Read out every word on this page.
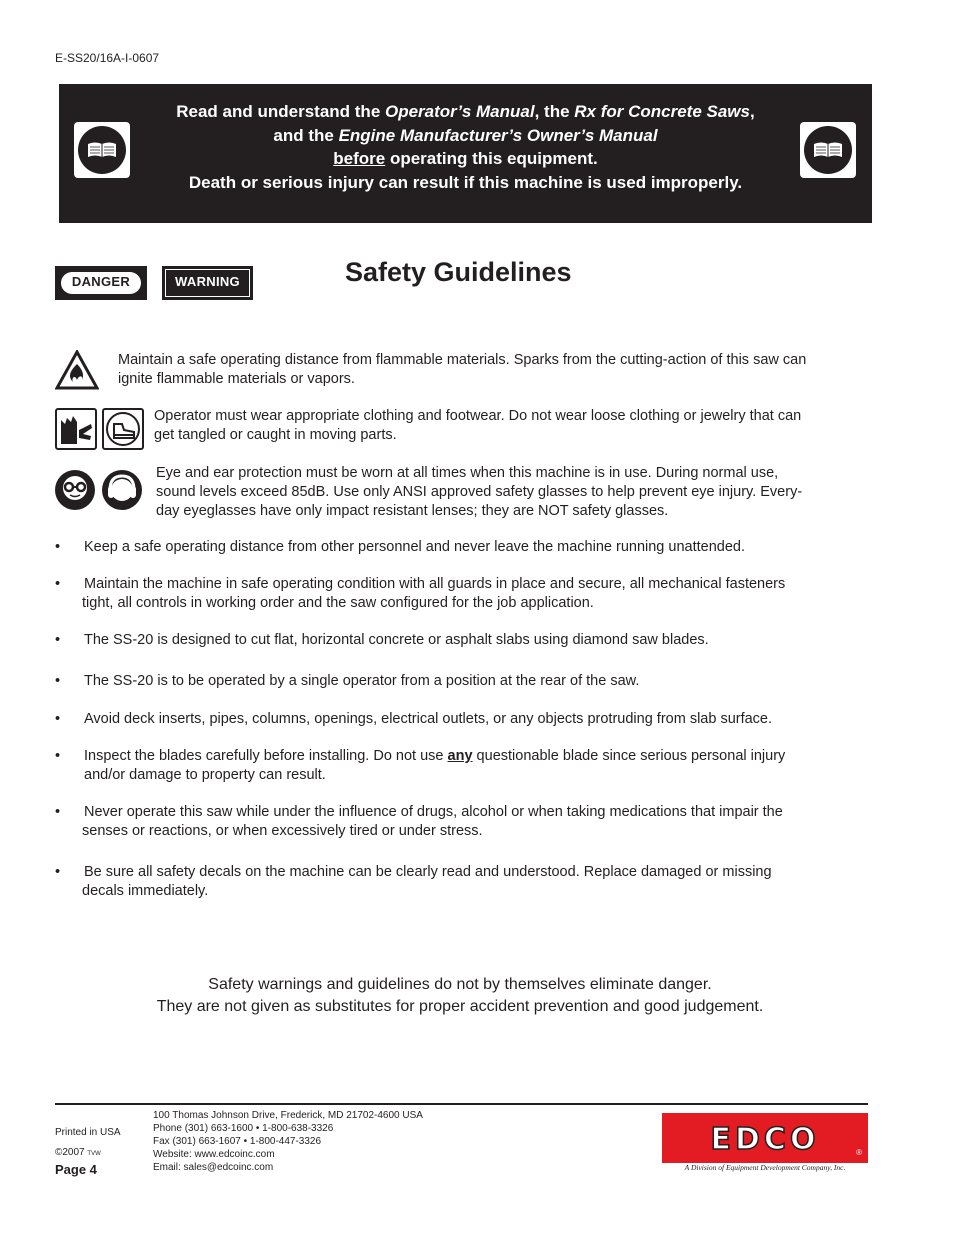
E-SS20/16A-I-0607
Read and understand the Operator’s Manual, the Rx for Concrete Saws,
and the Engine Manufacturer’s Owner’s Manual
before operating this equipment.
Death or serious injury can result if this machine is used improperly.
DANGER	WARNING	Safety Guidelines
Maintain a safe operating distance from flammable materials. Sparks from the cutting-action of this saw can
ignite flammable materials or vapors.
Operator must wear appropriate clothing and footwear. Do not wear loose clothing or jewelry that can
get tangled or caught in moving parts.
Eye and ear protection must be worn at all times when this machine is in use. During normal use,
sound levels exceed 85dB. Use only ANSI approved safety glasses to help prevent eye injury. Every-
day eyeglasses have only impact resistant lenses; they are NOT safety glasses.
•	Keep a safe operating distance from other personnel and never leave the machine running unattended.
•	Maintain the machine in safe operating condition with all guards in place and secure, all mechanical fasteners
tight, all controls in working order and the saw configured for the job application.
•	The SS-20 is designed to cut flat, horizontal concrete or asphalt slabs using diamond saw blades.
•	The SS-20 is to be operated by a single operator from a position at the rear of the saw.
•	Avoid deck inserts, pipes, columns, openings, electrical outlets, or any objects protruding from slab surface.
•	Inspect the blades carefully before installing. Do not use any questionable blade since serious personal injury
and/or damage to property can result.
•	Never operate this saw while under the influence of drugs, alcohol or when taking medications that impair the
senses or reactions, or when excessively tired or under stress.
•	Be sure all safety decals on the machine can be clearly read and understood. Replace damaged or missing
decals immediately.
Safety warnings and guidelines do not by themselves eliminate danger.
They are not given as substitutes for proper accident prevention and good judgement.
Printed in USA
©2007 TVW
Page 4
100 Thomas Johnson Drive, Frederick, MD 21702-4600 USA
Phone (301) 663-1600 • 1-800-638-3326
Fax (301) 663-1607 • 1-800-447-3326
Website: www.edcoinc.com
Email: sales@edcoinc.com
EDCO	®
A Division of Equipment Development Company, Inc.
